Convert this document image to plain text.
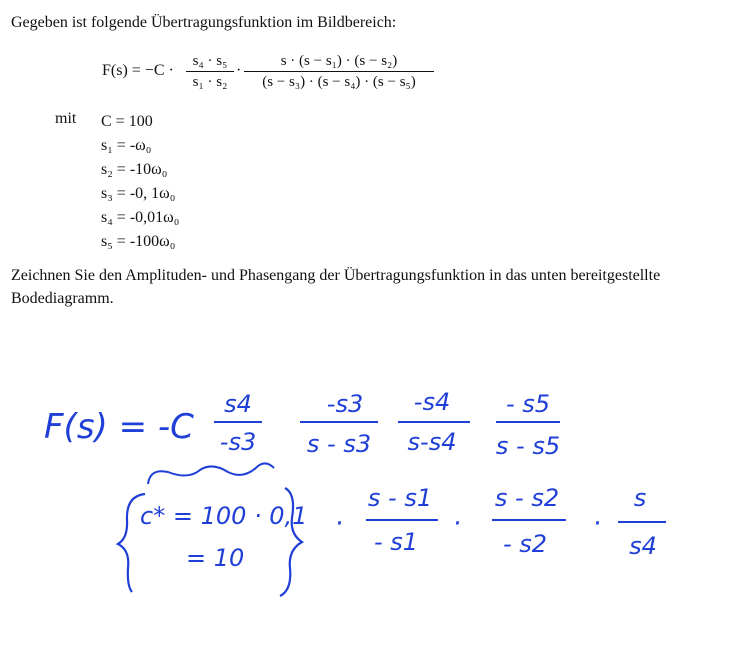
Gegeben ist folgende Übertragungsfunktion im Bildbereich:
F(s) = −C ·
s₄ · s₅
s₁ · s₂
·
s · (s − s₁) · (s − s₂)
(s − s₃) · (s − s₄) · (s − s₅)
mit C = 100
s₁ = -ω₀
s₂ = -10ω₀
s₃ = -0, 1ω₀
s₄ = -0,01ω₀
s₅ = -100ω₀
Zeichnen Sie den Amplituden- und Phasengang der Übertragungsfunktion in das unten bereitgestellte Bodediagramm.
F(s) = -C
s4
-s3
-s3
s - s3
-s4
s-s4
- s5
s - s5
c* = 100 · 0,1
= 10
·
s - s1
- s1
·
s - s2
- s2
·
s
s4
